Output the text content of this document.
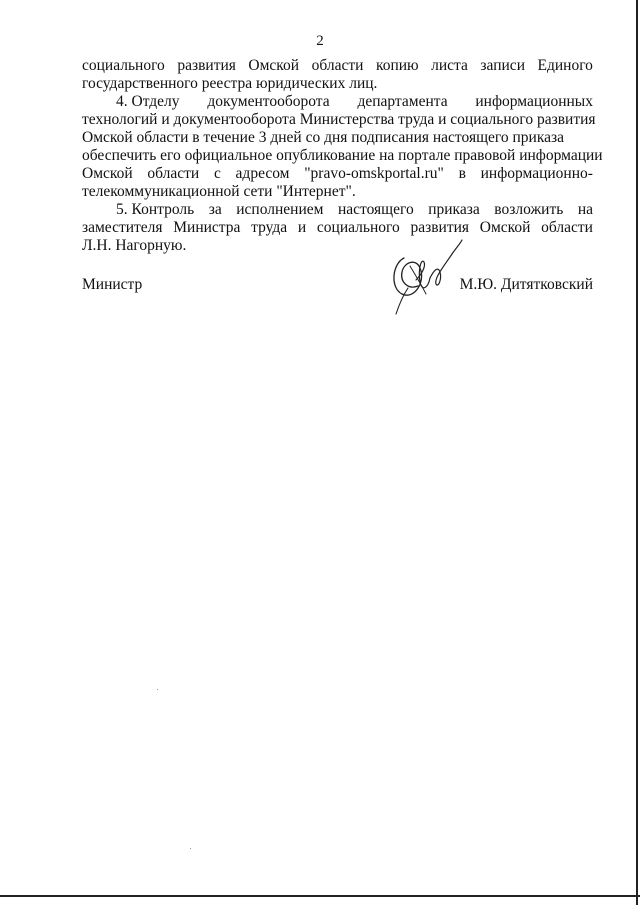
2
социального развития Омской области копию листа записи Единого
государственного реестра юридических лиц.
4. Отделу документооборота департамента информационных
технологий и документооборота Министерства труда и социального развития
Омской области в течение 3 дней со дня подписания настоящего приказа
обеспечить его официальное опубликование на портале правовой информации
Омской области с адресом "pravo-omskportal.ru" в информационно-
телекоммуникационной сети "Интернет".
5. Контроль за исполнением настоящего приказа возложить на
заместителя Министра труда и социального развития Омской области
Л.Н. Нагорную.
Министр	М.Ю. Дитятковский
